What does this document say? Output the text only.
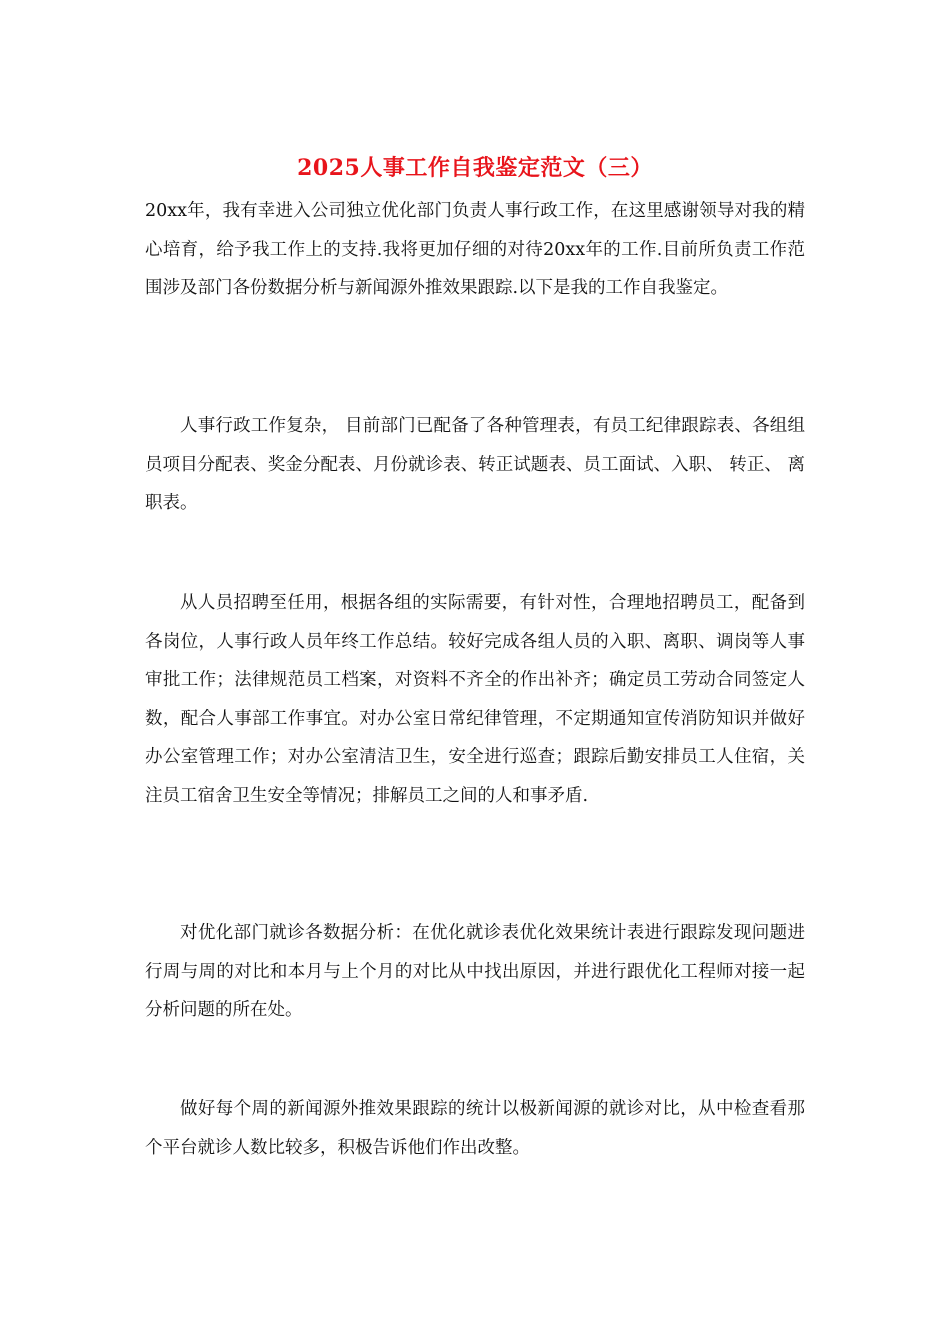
2025人事工作自我鉴定范文（三）

20xx年，我有幸进入公司独立优化部门负责人事行政工作，在这里感谢领导对我的精心培育，给予我工作上的支持.我将更加仔细的对待20xx年的工作.目前所负责工作范围涉及部门各份数据分析与新闻源外推效果跟踪.以下是我的工作自我鉴定。

人事行政工作复杂， 目前部门已配备了各种管理表，有员工纪律跟踪表、各组组员项目分配表、奖金分配表、月份就诊表、转正试题表、员工面试、入职、 转正、 离职表。

从人员招聘至任用，根据各组的实际需要，有针对性，合理地招聘员工，配备到各岗位，人事行政人员年终工作总结。较好完成各组人员的入职、离职、调岗等人事审批工作；法律规范员工档案，对资料不齐全的作出补齐；确定员工劳动合同签定人数，配合人事部工作事宜。对办公室日常纪律管理，不定期通知宣传消防知识并做好办公室管理工作；对办公室清洁卫生，安全进行巡查；跟踪后勤安排员工人住宿，关注员工宿舍卫生安全等情况；排解员工之间的人和事矛盾.

对优化部门就诊各数据分析：在优化就诊表优化效果统计表进行跟踪发现问题进行周与周的对比和本月与上个月的对比从中找出原因，并进行跟优化工程师对接一起分析问题的所在处。

做好每个周的新闻源外推效果跟踪的统计以极新闻源的就诊对比，从中检查看那个平台就诊人数比较多，积极告诉他们作出改整。
